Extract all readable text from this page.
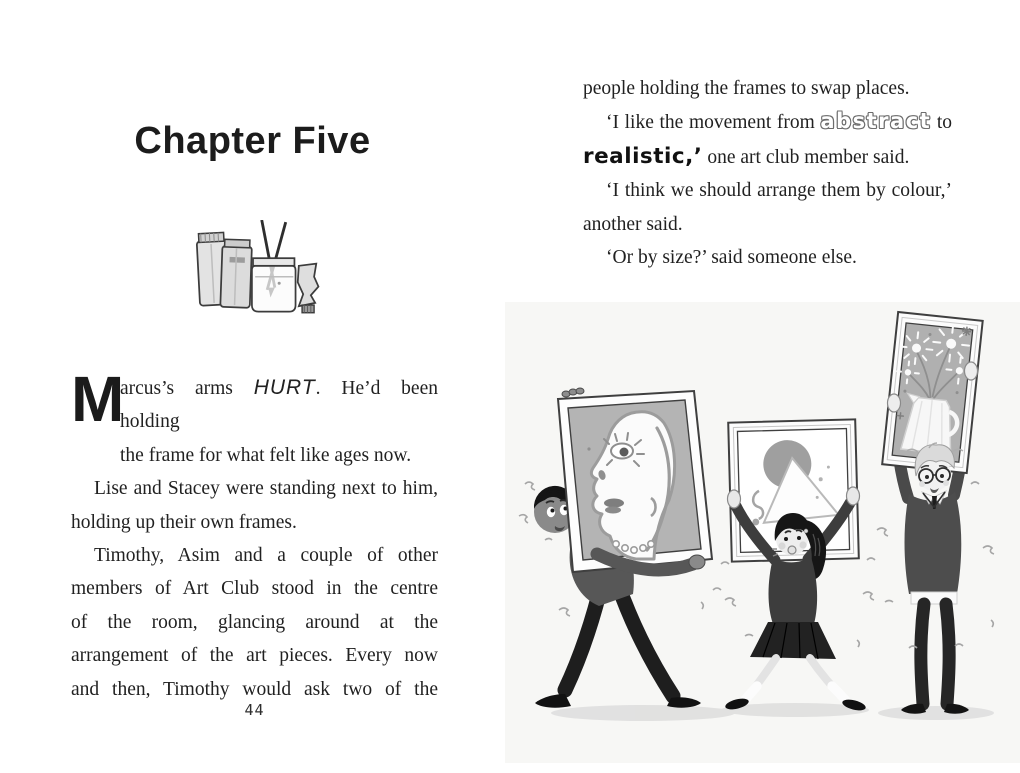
Chapter Five
M
arcus’s arms HURT. He’d been holding
the frame for what felt like ages now.
Lise and Stacey were standing next to him,
holding up their own frames.
Timothy, Asim and a couple of other
members of Art Club stood in the centre
of the room, glancing around at the
arrangement of the art pieces. Every now
and then, Timothy would ask two of the
44
people holding the frames to swap places.
‘I like the movement from abstract to
realistic,’ one art club member said.
‘I think we should arrange them by colour,’
another said.
‘Or by size?’ said someone else.
